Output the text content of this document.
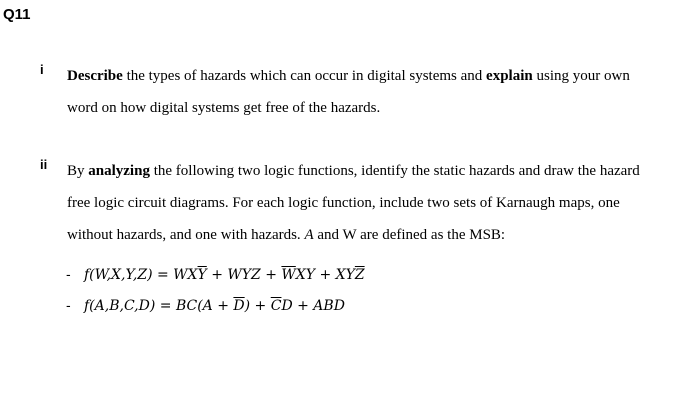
Q11
i	Describe the types of hazards which can occur in digital systems and explain using your own word on how digital systems get free of the hazards.
ii	By analyzing the following two logic functions, identify the static hazards and draw the hazard free logic circuit diagrams. For each logic function, include two sets of Karnaugh maps, one without hazards, and one with hazards. A and W are defined as the MSB:
- $f(W,X,Y,Z) = WX\overline{Y}$ + WYZ + $\overline{W}XY + XY\overline{Z}$
- $f(A,B,C,D) = BC(A + \overline{D}) + \overline{C}D$ + ABD
